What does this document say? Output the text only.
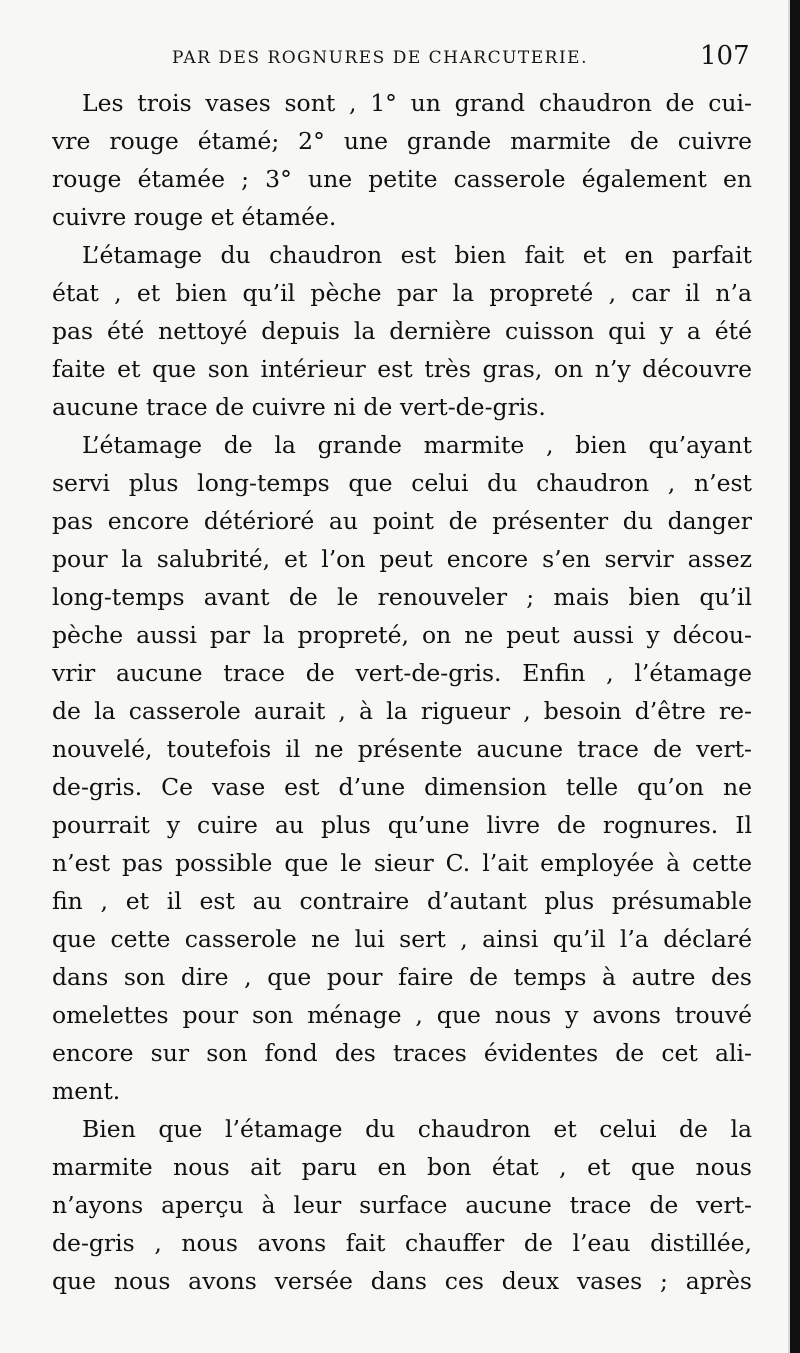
PAR DES ROGNURES DE CHARCUTERIE.	107
Les trois vases sont , 1° un grand chaudron de cui-
vre rouge étamé; 2° une grande marmite de cuivre
rouge étamée ; 3° une petite casserole également en
cuivre rouge et étamée.
L’étamage du chaudron est bien fait et en parfait
état , et bien qu’il pèche par la propreté , car il n’a
pas été nettoyé depuis la dernière cuisson qui y a été
faite et que son intérieur est très gras, on n’y découvre
aucune trace de cuivre ni de vert-de-gris.
L’étamage de la grande marmite , bien qu’ayant
servi plus long-temps que celui du chaudron , n’est
pas encore détérioré au point de présenter du danger
pour la salubrité, et l’on peut encore s’en servir assez
long-temps avant de le renouveler ; mais bien qu’il
pèche aussi par la propreté, on ne peut aussi y décou-
vrir aucune trace de vert-de-gris. Enfin , l’étamage
de la casserole aurait , à la rigueur , besoin d’être re-
nouvelé, toutefois il ne présente aucune trace de vert-
de-gris. Ce vase est d’une dimension telle qu’on ne
pourrait y cuire au plus qu’une livre de rognures. Il
n’est pas possible que le sieur C. l’ait employée à cette
fin , et il est au contraire d’autant plus présumable
que cette casserole ne lui sert , ainsi qu’il l’a déclaré
dans son dire , que pour faire de temps à autre des
omelettes pour son ménage , que nous y avons trouvé
encore sur son fond des traces évidentes de cet ali-
ment.
Bien que l’étamage du chaudron et celui de la
marmite nous ait paru en bon état , et que nous
n’ayons aperçu à leur surface aucune trace de vert-
de-gris , nous avons fait chauffer de l’eau distillée,
que nous avons versée dans ces deux vases ; après
